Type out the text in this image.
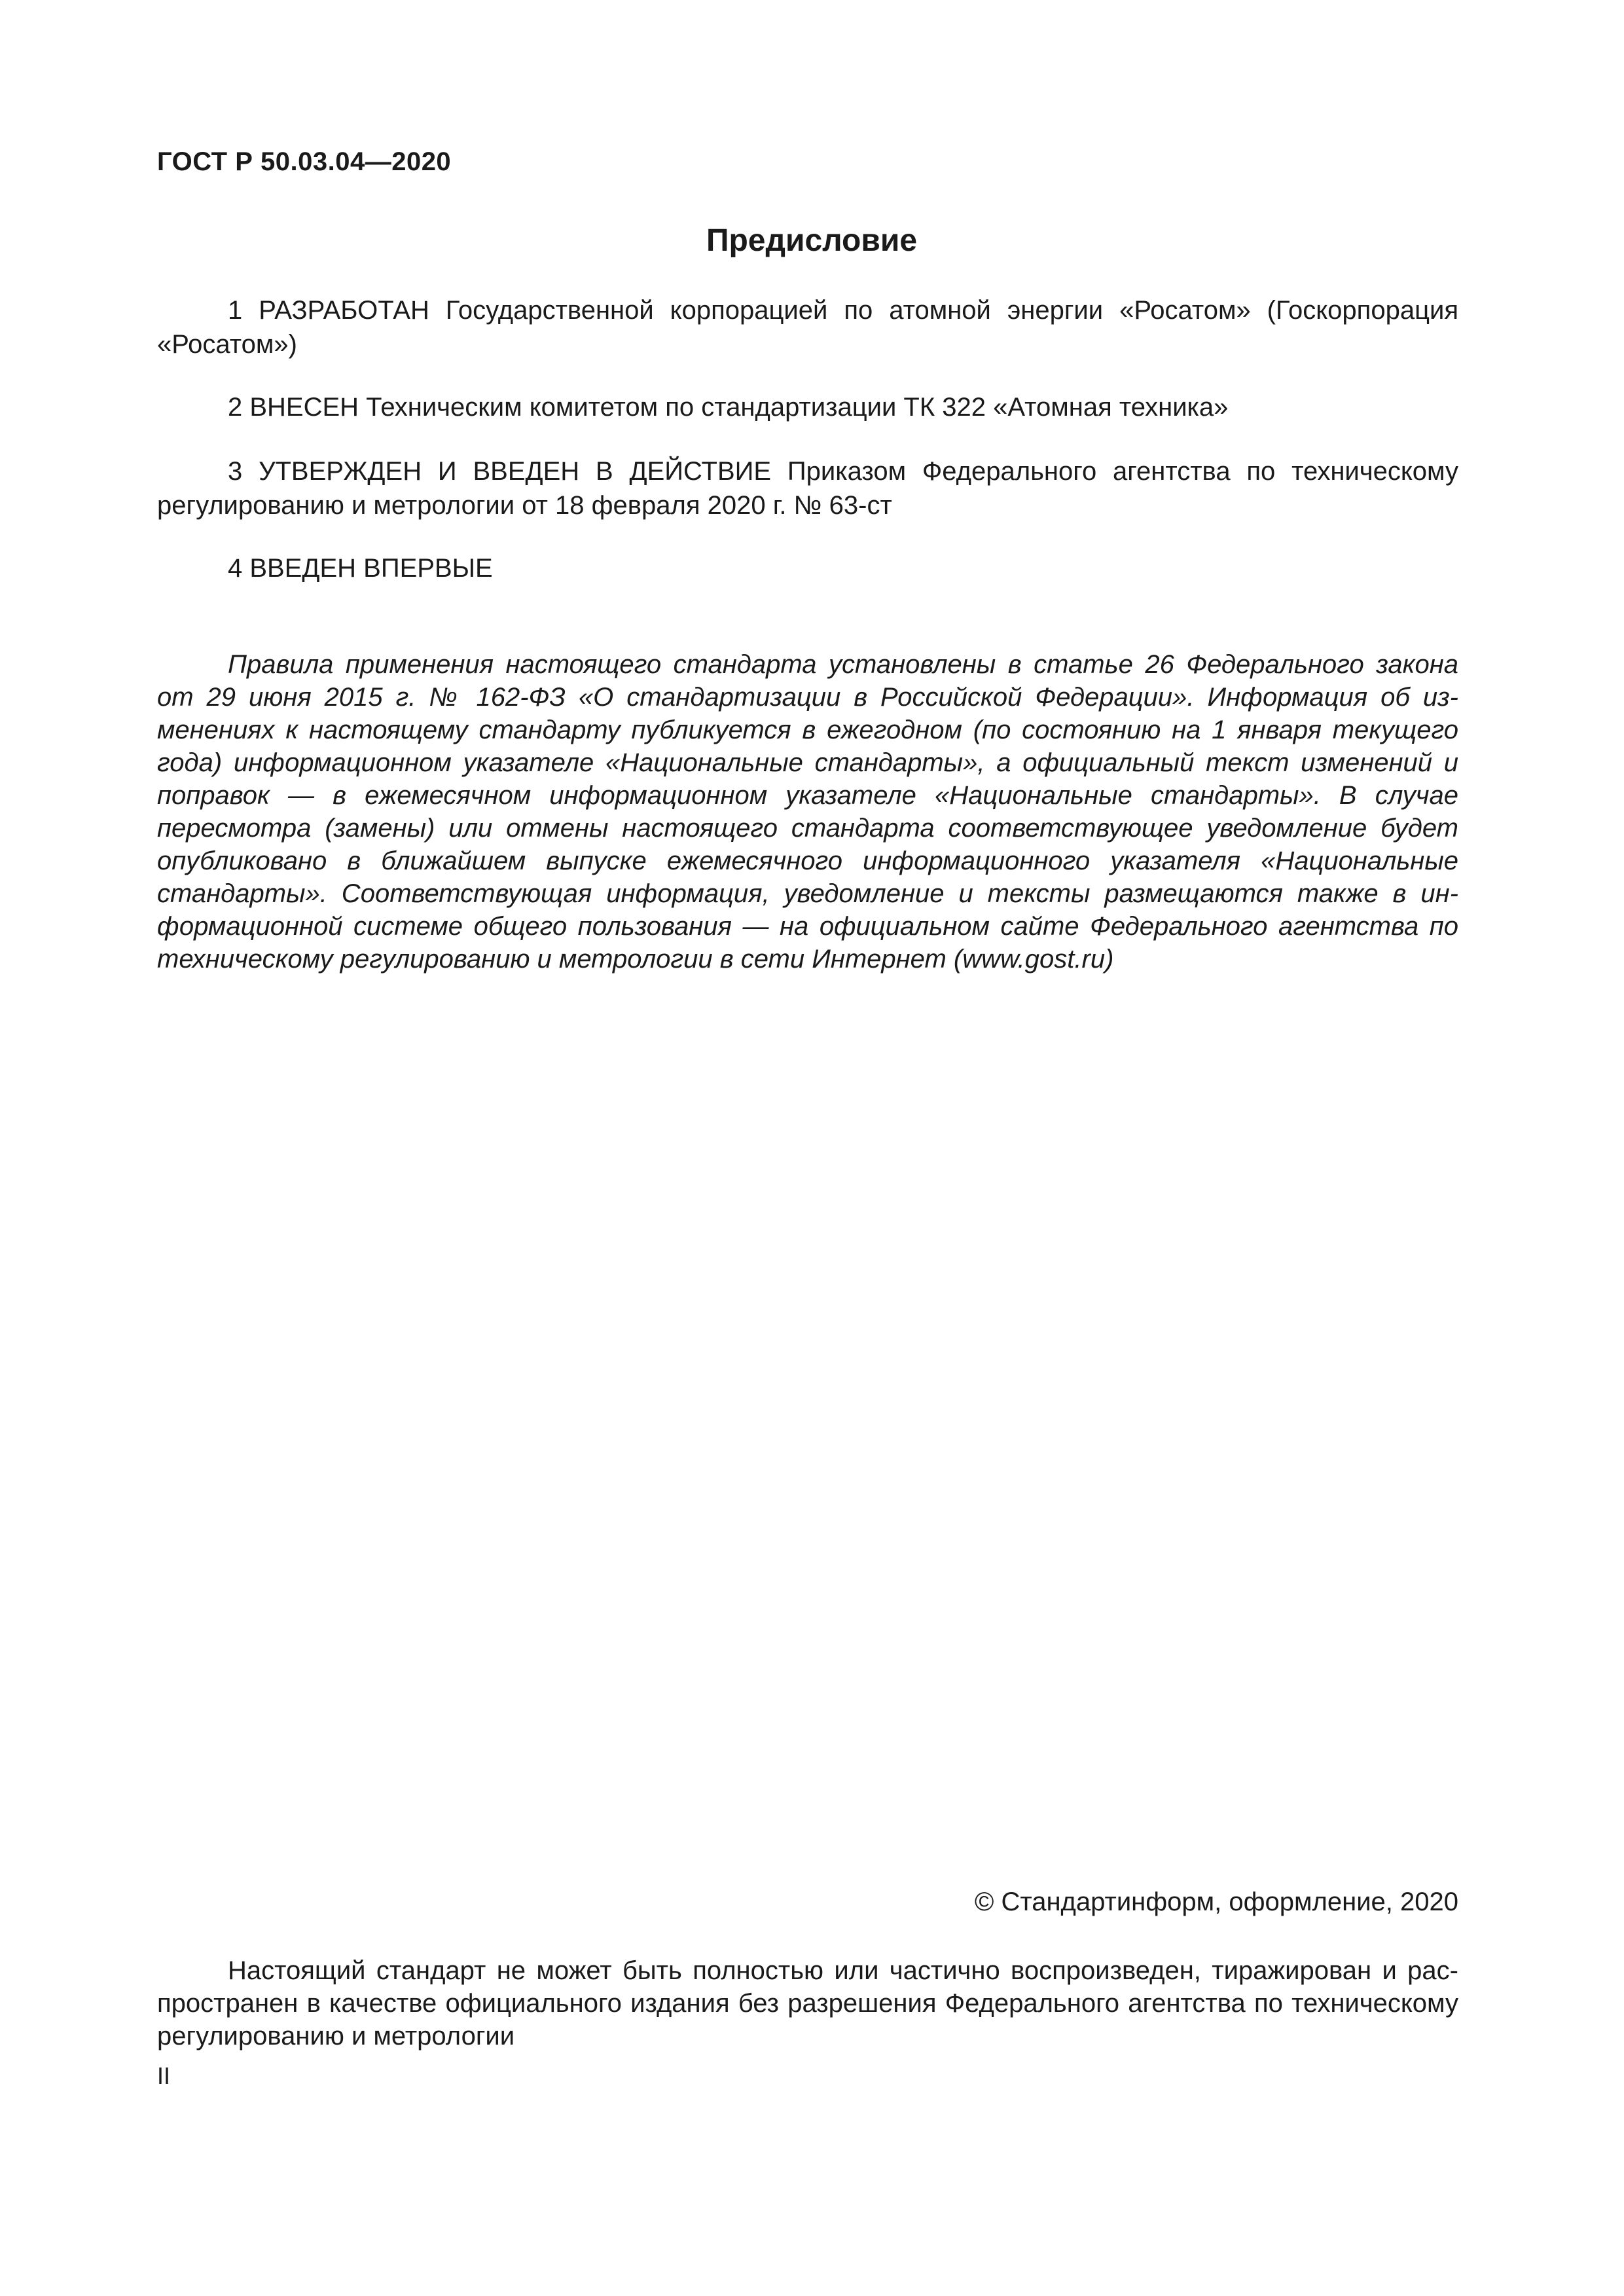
ГОСТ Р 50.03.04—2020
Предисловие

1 РАЗРАБОТАН Государственной корпорацией по атомной энергии «Росатом» (Госкорпорация «Росатом»)

2 ВНЕСЕН Техническим комитетом по стандартизации ТК 322 «Атомная техника»

3 УТВЕРЖДЕН И ВВЕДЕН В ДЕЙСТВИЕ Приказом Федерального агентства по техническому регулированию и метрологии от 18 февраля 2020 г. № 63-ст

4 ВВЕДЕН ВПЕРВЫЕ

Правила применения настоящего стандарта установлены в статье 26 Федерального закона от 29 июня 2015 г. № 162-ФЗ «О стандартизации в Российской Федерации». Информация об изменениях к настоящему стандарту публикуется в ежегодном (по состоянию на 1 января текущего года) информационном указателе «Национальные стандарты», а официальный текст изменений и поправок — в ежемесячном информационном указателе «Национальные стандарты». В случае пересмотра (замены) или отмены настоящего стандарта соответствующее уведомление будет опубликовано в ближайшем выпуске ежемесячного информационного указателя «Национальные стандарты». Соответствующая информация, уведомление и тексты размещаются также в информационной системе общего пользования — на официальном сайте Федерального агентства по техническому регулированию и метрологии в сети Интернет (www.gost.ru)

© Стандартинформ, оформление, 2020

Настоящий стандарт не может быть полностью или частично воспроизведен, тиражирован и распространен в качестве официального издания без разрешения Федерального агентства по техническому регулированию и метрологии

II
